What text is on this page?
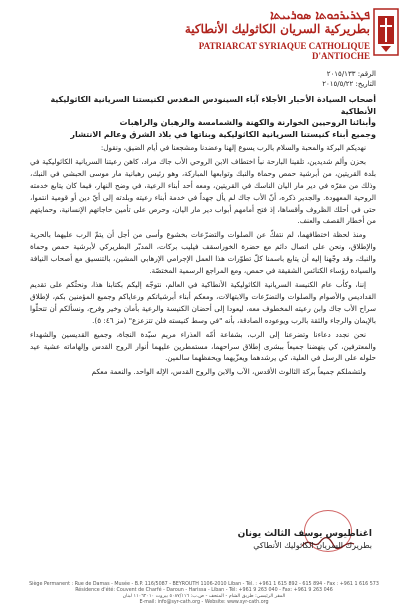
ܦܛܪܝܪܟܘܬܐ ܣܘܪܝܝܬܐ
بطريركية السريان الكاثوليك الأنطاكية
PATRIARCAT SYRIAQUE CATHOLIQUE D'ANTIOCHE
الرقم: ٢٠١٥/١٣٣
التاريخ: ٢٠١٥/٥/٢٢
أصحاب السيادة الأحبار الأجلاء آباء السينودس المقدس لكنيستنا السريانية الكاثوليكية الأنطاكية
وأبنائنا الروحيين الخوارنة والكهنة والشمامسة والرهبان والراهبات
وجميع أبناء كنيستنا السريانية الكاثوليكية وبناتها في بلاد الشرق وعالم الانتشار

نهديكم البركة والمحبة والسلام بالرب يسوع إلهنا وعضدنا ومشجعنا في أيام الضيق، ونقول:

بحزن وألم شديدين، تلقينا البارحة نبأ اختطاف الابن الروحي الأب جاك مراد، كاهن رعيتنا السريانية الكاثوليكية في بلدة القريتين، من أبرشية حمص وحماة والنبك وتوابعها المباركة، وهو رئيس رهبانية مار موسى الحبشي في النبك، وذلك من مقرّه في دير مار اليان الناسك في القريتين، ومعه أحد أبناء الرعية، في وضح النهار، فيما كان يتابع خدمته الروحية المعهودة. والجدير ذكره، أنّ الأب جاك لم يأل جهداً في خدمة أبناء رعيته وبلدته إلى أيّ دين أو قومية انتموا، حتى في أحلك الظروف وأقساها، إذ فتح أمامهم أبواب دير مار اليان، وحرص على تأمين حاجاتهم الإنسانية، وحمايتهم من أخطار القصف والعنف.

ومنذ لحظة اختطافهما، لم نتفكّ عن الصلوات والتضرّعات بخشوع وأسى من أجل أن يتمّ الرب عليهما بالحرية والإطلاق، ونحن على اتصال دائم مع حضرة الخوراسقف فيليب بركات، المدبّر البطريركي لأبرشية حمص وحماة والنبك، وقد وجّهنا إليه أن يتابع باسمنا كلّ تطوّرات هذا العمل الإجرامي الإرهابي المشين، بالتنسيق مع أصحاب النيافة والسيادة رؤساء الكنائس الشقيقة في حمص، ومع المراجع الرسمية المختصّة.

إننا، وكأب عام الكنيسة السريانية الكاثوليكية الأنطاكية في العالم، نتوجّه إليكم بكتابنا هذا، ونحثّكم على تقديم القداديس والأصوام والصلوات والتضرّعات والابتهالات، ومعكم أبناء أبرشياتكم ورعاياكم وجميع المؤمنين بكم، لإطلاق سراح الأب جاك وابن رعيته المخطوف معه، ليعودا إلى أحضان الكنيسة والرعية بأمان وخير وفرح، ونسألكم أن تتحلّوا بالإيمان والرجاء والثقة بالرب ويوعوده الصادقة، بأنه "في وسط كنيسته فلن تتزعزع" (مز ٤٦: ٥).

نحن نجدد دعاءنا وتضرعنا إلى الرب، بشفاعة أمّه العذراء مريم سيّدة النجاة، وجميع القديسين والشهداء والمعترفين، كي ينهضنا جميعاً ببشرى إطلاق سراحهما، مستمطرين عليهما أنوار الروح القدس وإلهاماته عشية عيد حلوله على الرسل في العلية، كي يرشدهما ويعزّيهما ويحفظهما سالمين.

ولتشملكم جميعاً بركة الثالوث الأقدس، الآب والابن والروح القدس، الإله الواحد. والنعمة معكم

اغناطيوس يوسف الثالث يونان
بطريرك السريان الكاثوليك الأنطاكي
Siège Permanent : Rue de Damas - Musée - B.P. 116/5087 - BEYROUTH 1106-2010 Liban - Tél. : +961 1 615 892 - 615 894 - Fax : +961 1 616 573
Résidence d'été: Couvent de Charfé - Daroun - Harissa - Liban - Tél: +961 9 263 040 - Fax: +961 9 263 046
المقر الرئيسي: طريق الشام - المتحف - ص.ب: ٥٠٨٧/١١٦ بيروت ١١٠٦٢٠١٠ لبنان
E-mail: info@syr-cath.org - Website: www.syr-cath.org
